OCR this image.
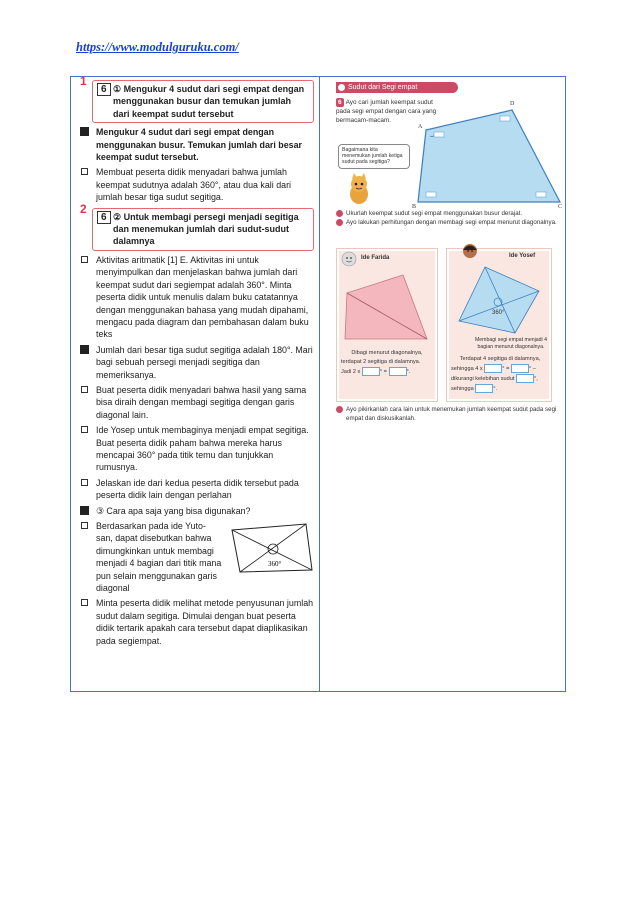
https://www.modulguruku.com/
1
6 ① Mengukur 4 sudut dari segi empat dengan menggunakan busur dan temukan jumlah dari keempat sudut tersebut
Mengukur 4 sudut dari segi empat dengan menggunakan busur. Temukan jumlah dari besar keempat sudut tersebut.
Membuat peserta didik menyadari bahwa jumlah keempat sudutnya adalah 360°, atau dua kali dari jumlah besar tiga sudut segitiga.
2
6 ② Untuk membagi persegi menjadi segitiga dan menemukan jumlah dari sudut-sudut dalamnya
Aktivitas aritmatik [1] E. Aktivitas ini untuk menyimpulkan dan menjelaskan bahwa jumlah dari keempat sudut dari segiempat adalah 360°. Minta peserta didik untuk menulis dalam buku catatannya dengan menggunakan bahasa yang mudah dipahami, mengacu pada diagram dan pembahasan dalam buku teks
Jumlah dari besar tiga sudut segitiga adalah 180°. Mari bagi sebuah persegi menjadi segitiga dan memeriksanya.
Buat peserta didik menyadari bahwa hasil yang sama bisa diraih dengan membagi segitiga dengan garis diagonal lain.
Ide Yosep untuk membaginya menjadi empat segitiga. Buat peserta didik paham bahwa mereka harus mencapai 360° pada titik temu dan tunjukkan rumusnya.
Jelaskan ide dari kedua peserta didik tersebut pada peserta didik lain dengan perlahan
③ Cara apa saja yang bisa digunakan?
360°
Berdasarkan pada ide Yuto-san, dapat disebutkan bahwa dimungkinkan untuk membagi menjadi 4 bagian dari titik mana pun selain menggunakan garis diagonal
Minta peserta didik melihat metode penyusunan jumlah sudut dalam segitiga. Dimulai dengan buat peserta didik tertarik apakah cara tersebut dapat diaplikasikan pada segiempat.
Sudut dari Segi empat
6 Ayo cari jumlah keempat sudut pada segi empat dengan cara yang bermacam-macam.
Bagaimana kita menemukan jumlah ketiga sudut pada segitiga?
A
B	C
D
Ukurlah keempat sudut segi empat menggunakan busur derajat.
Ayo lakukan perhitungan dengan membagi segi empat menurut diagonalnya.
Ide Farida
Dibagi menurut diagonalnya,
terdapat 2 segitiga di dalamnya.
Jadi 2 x	° =	°.
Ide Yosef
360°
Membagi segi empat menjadi 4 bagian menurut diagonalnya.
Terdapat 4 segitiga di dalamnya,
sehingga 4 x	° =	° –
dikurangi kelebihan sudut	°,
sehingga	°.
Ayo pikirkanlah cara lain untuk menemukan jumlah keempat sudut pada segi empat dan diskusikanlah.
